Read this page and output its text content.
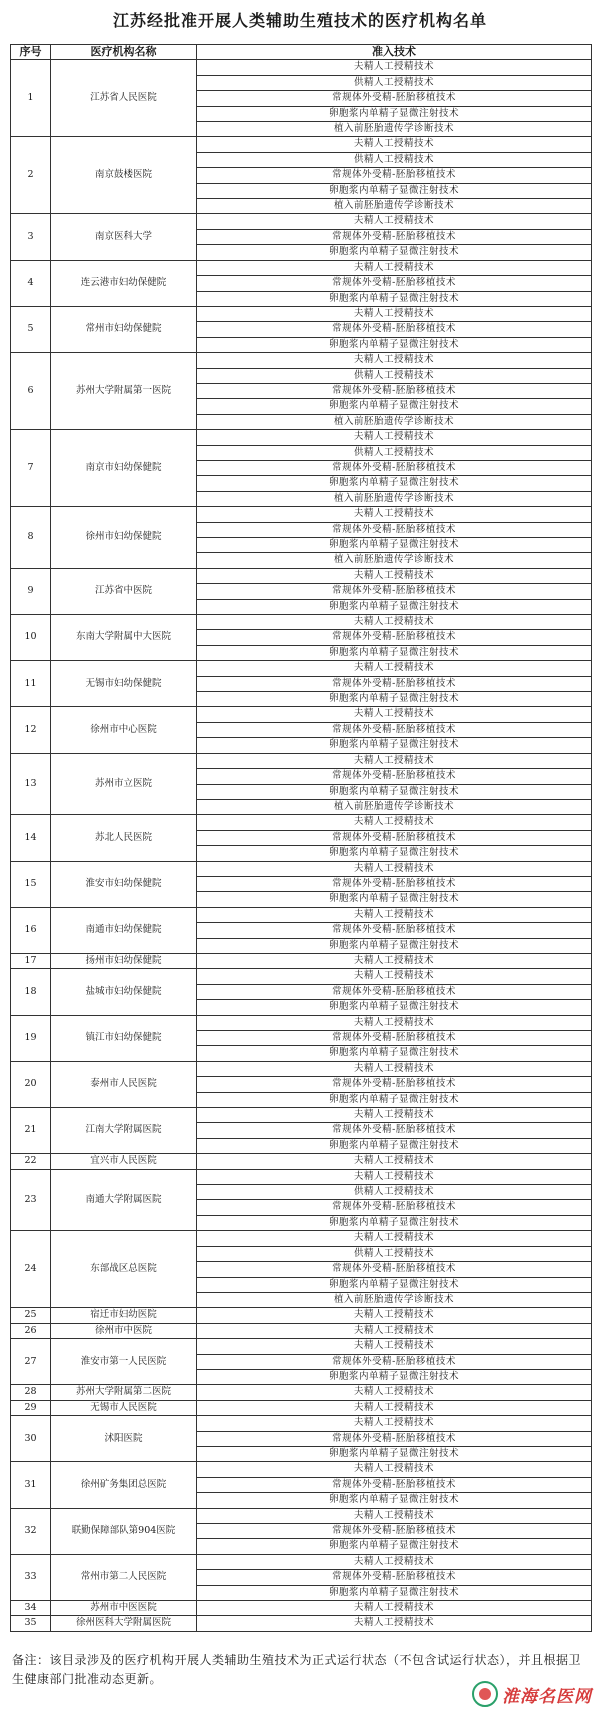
江苏经批准开展人类辅助生殖技术的医疗机构名单
序号	医疗机构名称	准入技术
1	江苏省人民医院	夫精人工授精技术
		供精人工授精技术
		常规体外受精-胚胎移植技术
		卵胞浆内单精子显微注射技术
		植入前胚胎遗传学诊断技术
2	南京鼓楼医院	夫精人工授精技术
		供精人工授精技术
		常规体外受精-胚胎移植技术
		卵胞浆内单精子显微注射技术
		植入前胚胎遗传学诊断技术
3	南京医科大学	夫精人工授精技术
		常规体外受精-胚胎移植技术
		卵胞浆内单精子显微注射技术
4	连云港市妇幼保健院	夫精人工授精技术
		常规体外受精-胚胎移植技术
		卵胞浆内单精子显微注射技术
5	常州市妇幼保健院	夫精人工授精技术
		常规体外受精-胚胎移植技术
		卵胞浆内单精子显微注射技术
6	苏州大学附属第一医院	夫精人工授精技术
		供精人工授精技术
		常规体外受精-胚胎移植技术
		卵胞浆内单精子显微注射技术
		植入前胚胎遗传学诊断技术
7	南京市妇幼保健院	夫精人工授精技术
		供精人工授精技术
		常规体外受精-胚胎移植技术
		卵胞浆内单精子显微注射技术
		植入前胚胎遗传学诊断技术
8	徐州市妇幼保健院	夫精人工授精技术
		常规体外受精-胚胎移植技术
		卵胞浆内单精子显微注射技术
		植入前胚胎遗传学诊断技术
9	江苏省中医院	夫精人工授精技术
		常规体外受精-胚胎移植技术
		卵胞浆内单精子显微注射技术
10	东南大学附属中大医院	夫精人工授精技术
		常规体外受精-胚胎移植技术
		卵胞浆内单精子显微注射技术
11	无锡市妇幼保健院	夫精人工授精技术
		常规体外受精-胚胎移植技术
		卵胞浆内单精子显微注射技术
12	徐州市中心医院	夫精人工授精技术
		常规体外受精-胚胎移植技术
		卵胞浆内单精子显微注射技术
13	苏州市立医院	夫精人工授精技术
		常规体外受精-胚胎移植技术
		卵胞浆内单精子显微注射技术
		植入前胚胎遗传学诊断技术
14	苏北人民医院	夫精人工授精技术
		常规体外受精-胚胎移植技术
		卵胞浆内单精子显微注射技术
15	淮安市妇幼保健院	夫精人工授精技术
		常规体外受精-胚胎移植技术
		卵胞浆内单精子显微注射技术
16	南通市妇幼保健院	夫精人工授精技术
		常规体外受精-胚胎移植技术
		卵胞浆内单精子显微注射技术
17	扬州市妇幼保健院	夫精人工授精技术
18	盐城市妇幼保健院	夫精人工授精技术
		常规体外受精-胚胎移植技术
		卵胞浆内单精子显微注射技术
19	镇江市妇幼保健院	夫精人工授精技术
		常规体外受精-胚胎移植技术
		卵胞浆内单精子显微注射技术
20	泰州市人民医院	夫精人工授精技术
		常规体外受精-胚胎移植技术
		卵胞浆内单精子显微注射技术
21	江南大学附属医院	夫精人工授精技术
		常规体外受精-胚胎移植技术
		卵胞浆内单精子显微注射技术
22	宜兴市人民医院	夫精人工授精技术
23	南通大学附属医院	夫精人工授精技术
		供精人工授精技术
		常规体外受精-胚胎移植技术
		卵胞浆内单精子显微注射技术
24	东部战区总医院	夫精人工授精技术
		供精人工授精技术
		常规体外受精-胚胎移植技术
		卵胞浆内单精子显微注射技术
		植入前胚胎遗传学诊断技术
25	宿迁市妇幼医院	夫精人工授精技术
26	徐州市中医院	夫精人工授精技术
27	淮安市第一人民医院	夫精人工授精技术
		常规体外受精-胚胎移植技术
		卵胞浆内单精子显微注射技术
28	苏州大学附属第二医院	夫精人工授精技术
29	无锡市人民医院	夫精人工授精技术
30	沭阳医院	夫精人工授精技术
		常规体外受精-胚胎移植技术
		卵胞浆内单精子显微注射技术
31	徐州矿务集团总医院	夫精人工授精技术
		常规体外受精-胚胎移植技术
		卵胞浆内单精子显微注射技术
32	联勤保障部队第904医院	夫精人工授精技术
		常规体外受精-胚胎移植技术
		卵胞浆内单精子显微注射技术
33	常州市第二人民医院	夫精人工授精技术
		常规体外受精-胚胎移植技术
		卵胞浆内单精子显微注射技术
34	苏州市中医医院	夫精人工授精技术
35	徐州医科大学附属医院	夫精人工授精技术
备注：该目录涉及的医疗机构开展人类辅助生殖技术为正式运行状态（不包含试运行状态），并且根据卫生健康部门批准动态更新。
淮海名医网
